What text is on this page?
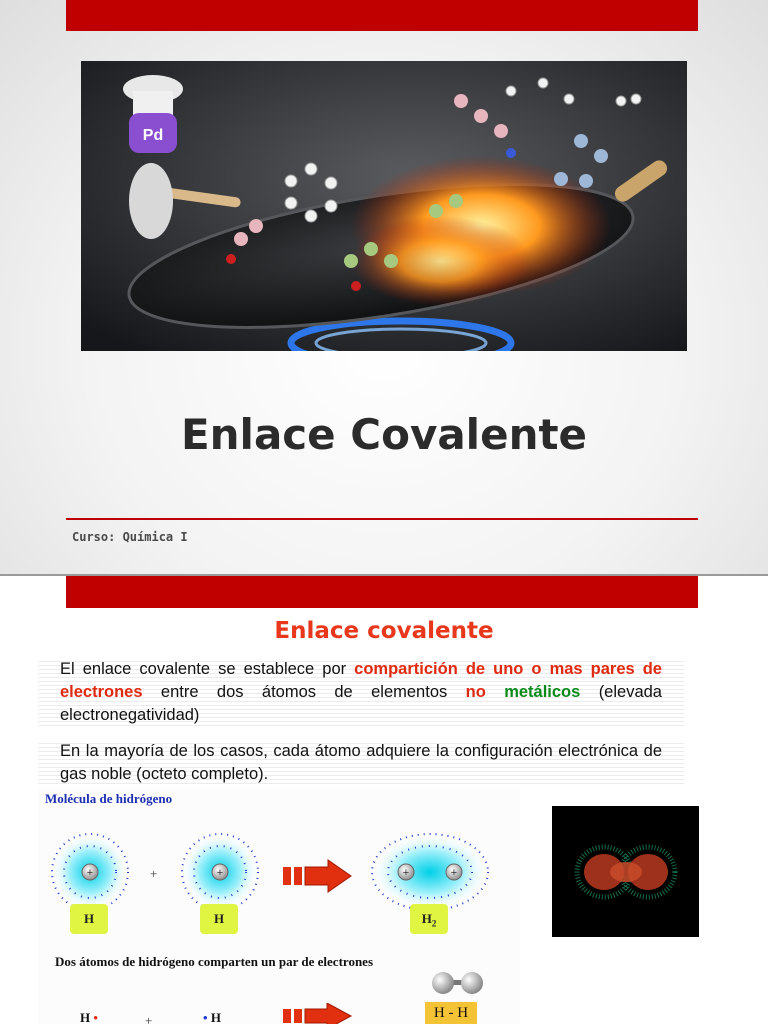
Pd
Enlace Covalente
Curso: Química I
Enlace covalente
El enlace covalente se establece por compartición de uno o mas pares de electrones entre dos átomos de elementos no metálicos (elevada electronegatividad)
En la mayoría de los casos, cada átomo adquiere la configuración electrónica de gas noble (octeto completo).
Molécula de hidrógeno
+	+	+	+
+
H	H	$H_2$
Dos átomos de hidrógeno comparten un par de electrones
H •	+	• H	H - H
